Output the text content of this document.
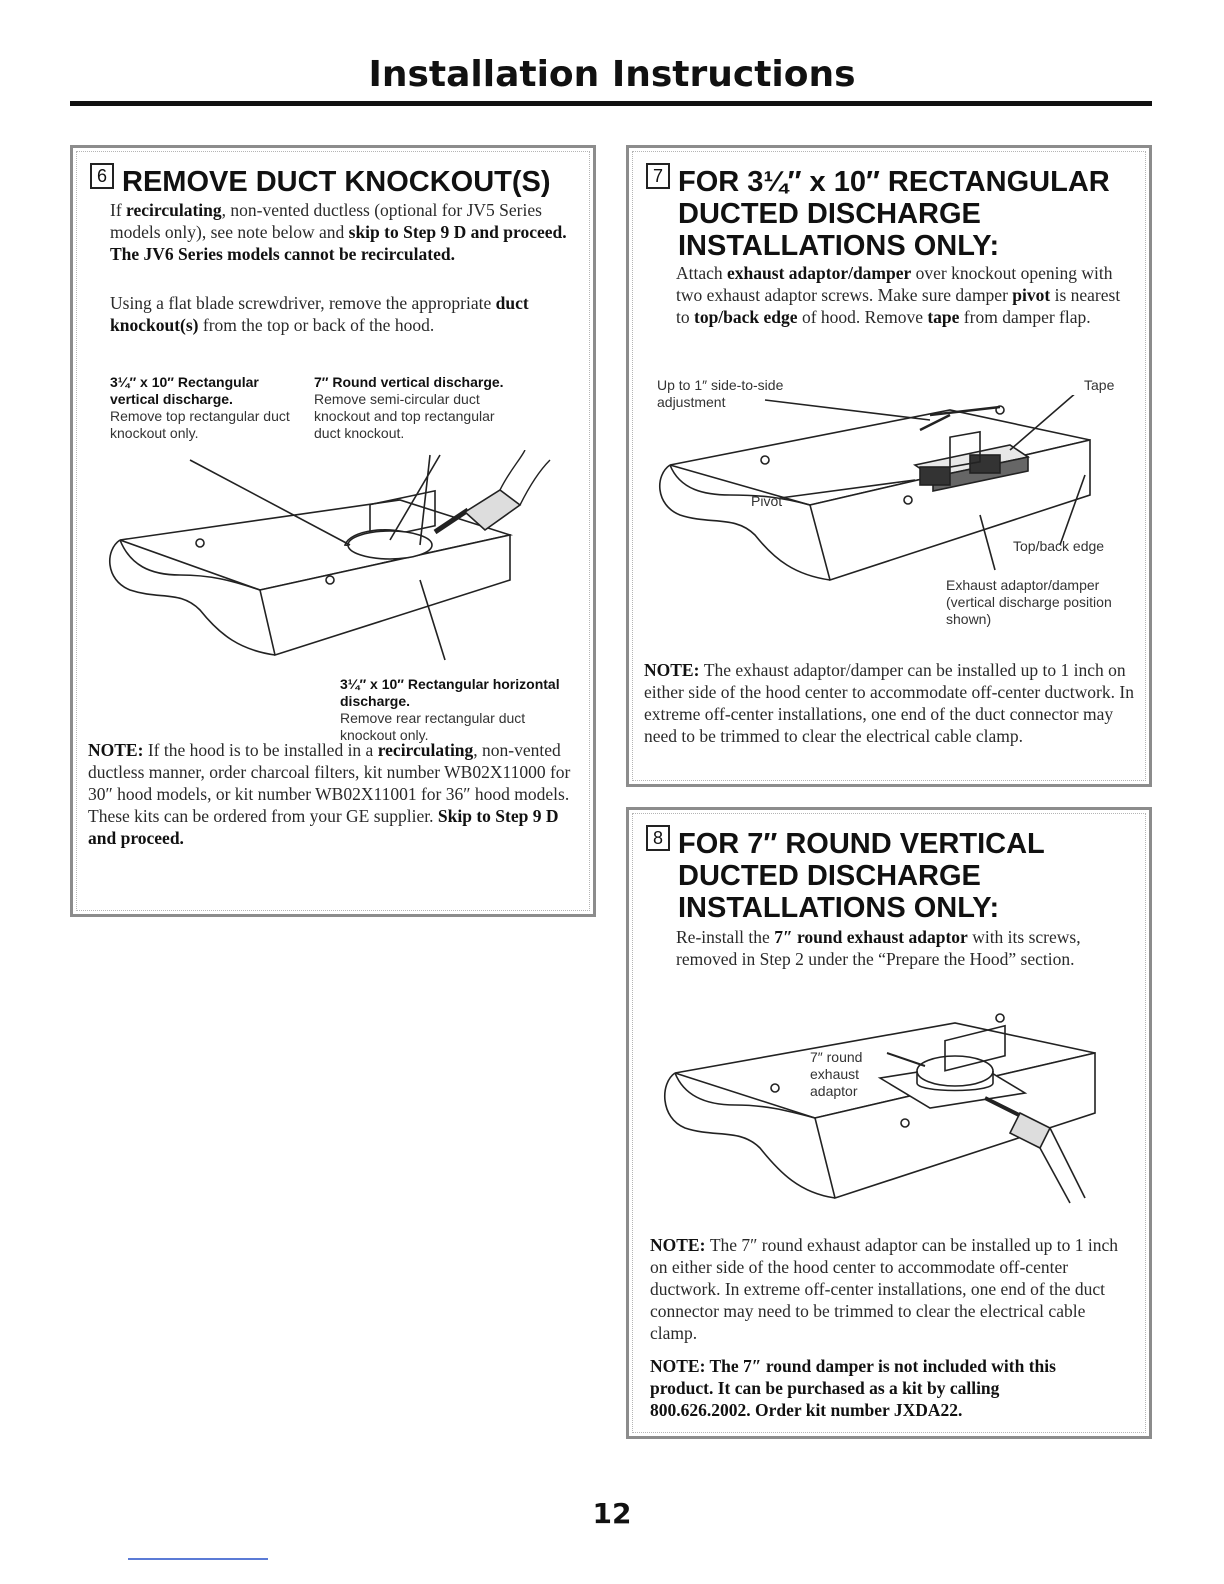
Installation Instructions
6 REMOVE DUCT KNOCKOUT(S)
If recirculating, non-vented ductless (optional for JV5 Series models only), see note below and skip to Step 9 D and proceed. The JV6 Series models cannot be recirculated.
Using a flat blade screwdriver, remove the appropriate duct knockout(s) from the top or back of the hood.
3¼″ x 10″ Rectangular vertical discharge.
Remove top rectangular duct knockout only.
7″ Round vertical discharge.
Remove semi-circular duct knockout and top rectangular duct knockout.
3¼″ x 10″ Rectangular horizontal discharge.
Remove rear rectangular duct knockout only.
NOTE: If the hood is to be installed in a recirculating, non-vented ductless manner, order charcoal filters, kit number WB02X11000 for 30″ hood models, or kit number WB02X11001 for 36″ hood models. These kits can be ordered from your GE supplier. Skip to Step 9 D and proceed.
7 FOR 3¼″ x 10″ RECTANGULAR
DUCTED DISCHARGE
INSTALLATIONS ONLY:
Attach exhaust adaptor/damper over knockout opening with two exhaust adaptor screws. Make sure damper pivot is nearest to top/back edge of hood. Remove tape from damper flap.
Up to 1″ side-to-side adjustment
Tape
Pivot
Top/back edge
Exhaust adaptor/damper (vertical discharge position shown)
NOTE: The exhaust adaptor/damper can be installed up to 1 inch on either side of the hood center to accommodate off-center ductwork. In extreme off-center installations, one end of the duct connector may need to be trimmed to clear the electrical cable clamp.
8 FOR 7″ ROUND VERTICAL
DUCTED DISCHARGE
INSTALLATIONS ONLY:
Re-install the 7″ round exhaust adaptor with its screws, removed in Step 2 under the “Prepare the Hood” section.
7″ round exhaust adaptor
NOTE: The 7″ round exhaust adaptor can be installed up to 1 inch on either side of the hood center to accommodate off-center ductwork. In extreme off-center installations, one end of the duct connector may need to be trimmed to clear the electrical cable clamp.
NOTE: The 7″ round damper is not included with this product. It can be purchased as a kit by calling 800.626.2002. Order kit number JXDA22.
12
